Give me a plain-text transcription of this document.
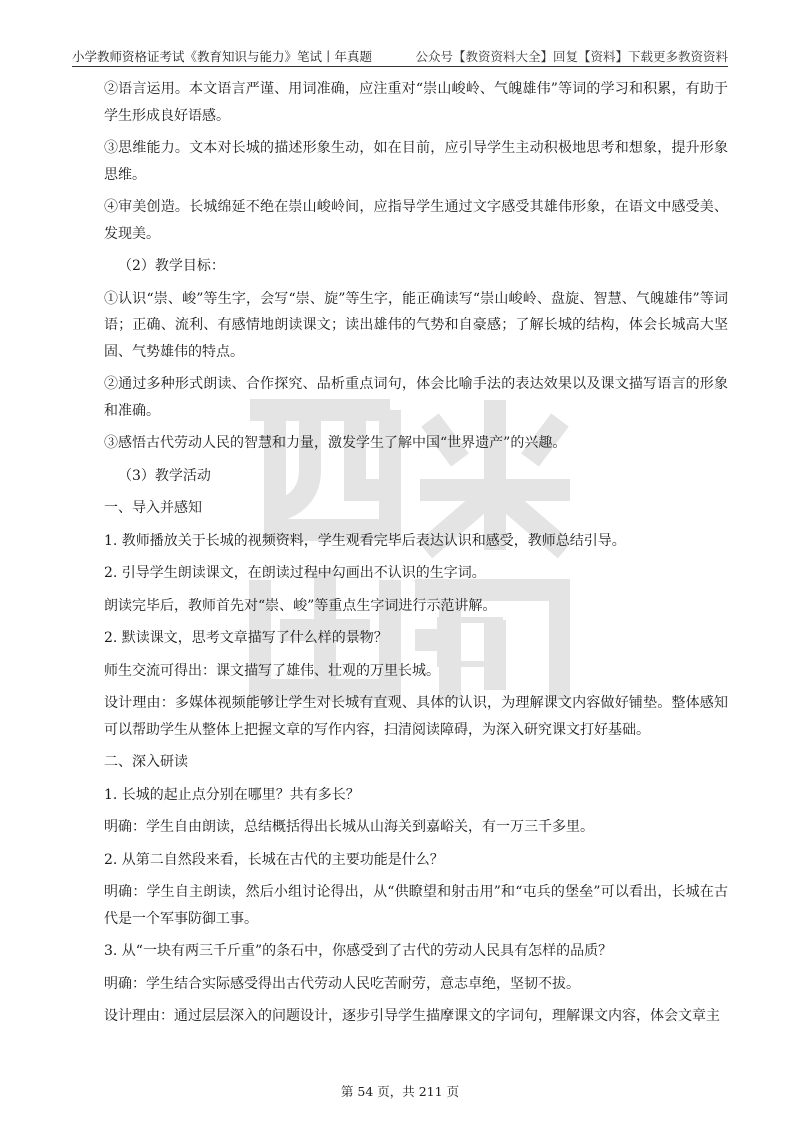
小学教师资格证考试《教育知识与能力》笔试丨年真题	公众号【教资资料大全】回复【资料】下载更多教资资料

②语言运用。本文语言严谨、用词准确，应注重对“崇山峻岭、气魄雄伟”等词的学习和积累，有助于学生形成良好语感。

③思维能力。文本对长城的描述形象生动，如在目前，应引导学生主动积极地思考和想象，提升形象思维。

④审美创造。长城绵延不绝在崇山峻岭间，应指导学生通过文字感受其雄伟形象，在语文中感受美、发现美。

（2）教学目标：

①认识“崇、峻”等生字，会写“崇、旋”等生字，能正确读写“崇山峻岭、盘旋、智慧、气魄雄伟”等词语；正确、流利、有感情地朗读课文；读出雄伟的气势和自豪感；了解长城的结构，体会长城高大坚固、气势雄伟的特点。

②通过多种形式朗读、合作探究、品析重点词句，体会比喻手法的表达效果以及课文描写语言的形象和准确。

③感悟古代劳动人民的智慧和力量，激发学生了解中国“世界遗产”的兴趣。

（3）教学活动

一、导入并感知

1. 教师播放关于长城的视频资料，学生观看完毕后表达认识和感受，教师总结引导。

2. 引导学生朗读课文，在朗读过程中勾画出不认识的生字词。

朗读完毕后，教师首先对“崇、峻”等重点生字词进行示范讲解。

2. 默读课文，思考文章描写了什么样的景物？

师生交流可得出：课文描写了雄伟、壮观的万里长城。

设计理由：多媒体视频能够让学生对长城有直观、具体的认识，为理解课文内容做好铺垫。整体感知可以帮助学生从整体上把握文章的写作内容，扫清阅读障碍，为深入研究课文打好基础。

二、深入研读

1. 长城的起止点分别在哪里？共有多长？

明确：学生自由朗读，总结概括得出长城从山海关到嘉峪关，有一万三千多里。

2. 从第二自然段来看，长城在古代的主要功能是什么？

明确：学生自主朗读，然后小组讨论得出，从“供瞭望和射击用”和“屯兵的堡垒”可以看出，长城在古代是一个军事防御工事。

3. 从“一块有两三千斤重”的条石中，你感受到了古代的劳动人民具有怎样的品质？

明确：学生结合实际感受得出古代劳动人民吃苦耐劳，意志卓绝，坚韧不拔。

设计理由：通过层层深入的问题设计，逐步引导学生描摩课文的字词句，理解课文内容，体会文章主

第 54 页，共 211 页
